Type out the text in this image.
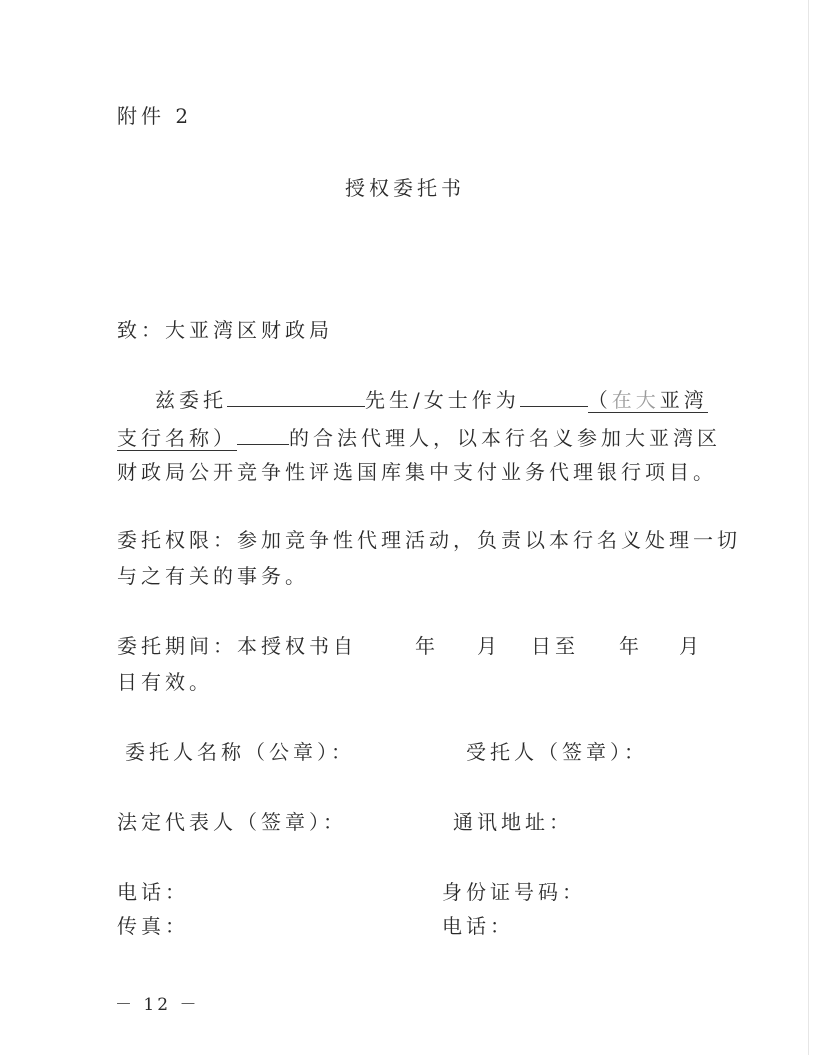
附件 2
授权委托书
致：大亚湾区财政局
兹委托	先生/女士作为	（在大亚湾
支行名称）	的合法代理人，以本行名义参加大亚湾区
财政局公开竞争性评选国库集中支付业务代理银行项目。
委托权限：参加竞争性代理活动，负责以本行名义处理一切
与之有关的事务。
委托期间：本授权书自	年 月 日至 年 月
日有效。
委托人名称（公章）：	受托人（签章）：
法定代表人（签章）：	通讯地址：
电话：	身份证号码：
传真：	电话：
－ 12 －
